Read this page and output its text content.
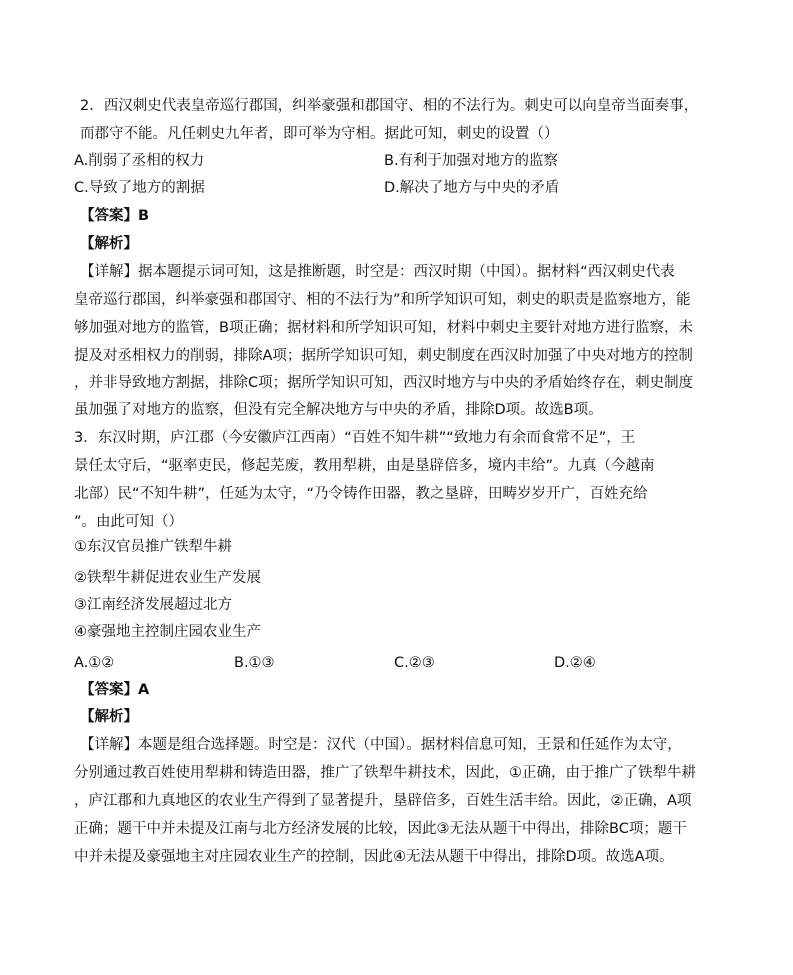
2．西汉刺史代表皇帝巡行郡国，纠举豪强和郡国守、相的不法行为。刺史可以向皇帝当面奏事，
而郡守不能。凡任刺史九年者，即可举为守相。据此可知，刺史的设置（）
A.削弱了丞相的权力	B.有利于加强对地方的监察
C.导致了地方的割据	D.解决了地方与中央的矛盾
【答案】B
【解析】
【详解】据本题提示词可知，这是推断题，时空是：西汉时期（中国）。据材料“西汉刺史代表
皇帝巡行郡国，纠举豪强和郡国守、相的不法行为”和所学知识可知，刺史的职责是监察地方，能
够加强对地方的监管，B项正确；据材料和所学知识可知，材料中刺史主要针对地方进行监察，未
提及对丞相权力的削弱，排除A项；据所学知识可知，刺史制度在西汉时加强了中央对地方的控制
，并非导致地方割据，排除C项；据所学知识可知，西汉时地方与中央的矛盾始终存在，刺史制度
虽加强了对地方的监察，但没有完全解决地方与中央的矛盾，排除D项。故选B项。
3．东汉时期，庐江郡（今安徽庐江西南）“百姓不知牛耕”“致地力有余而食常不足”，王
景任太守后，“驱率吏民，修起芜废，教用犁耕，由是垦辟倍多，境内丰给”。九真（今越南
北部）民“不知牛耕”，任延为太守，“乃令铸作田器，教之垦辟，田畴岁岁开广，百姓充给
”。由此可知（）
①东汉官员推广铁犁牛耕
②铁犁牛耕促进农业生产发展
③江南经济发展超过北方
④豪强地主控制庄园农业生产
A.①②	B.①③	C.②③	D.②④
【答案】A
【解析】
【详解】本题是组合选择题。时空是：汉代（中国）。据材料信息可知，王景和任延作为太守，
分别通过教百姓使用犁耕和铸造田器，推广了铁犁牛耕技术，因此，①正确，由于推广了铁犁牛耕
，庐江郡和九真地区的农业生产得到了显著提升，垦辟倍多，百姓生活丰给。因此，②正确，A项
正确；题干中并未提及江南与北方经济发展的比较，因此③无法从题干中得出，排除BC项；题干
中并未提及豪强地主对庄园农业生产的控制，因此④无法从题干中得出，排除D项。故选A项。
